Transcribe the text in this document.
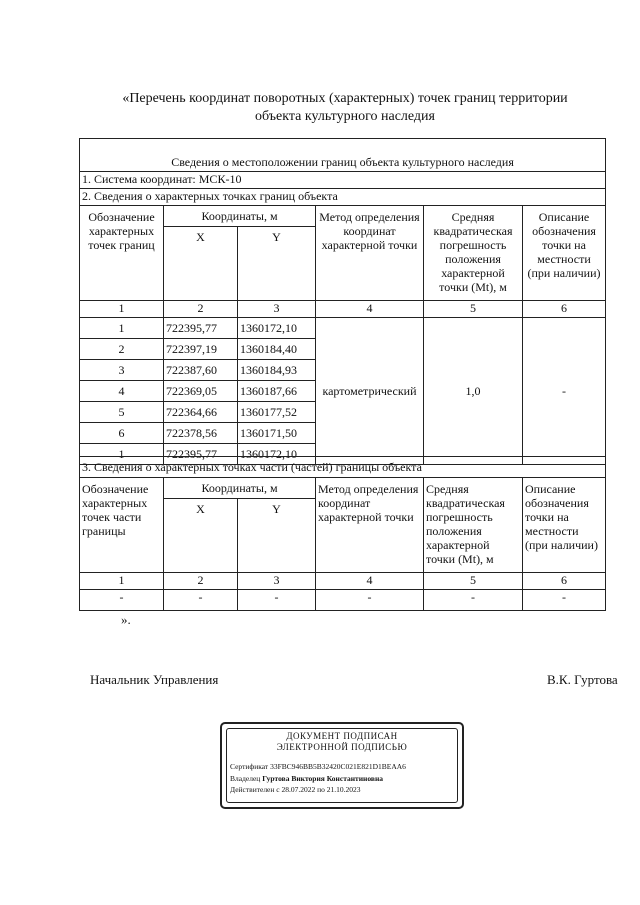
«Перечень координат поворотных (характерных) точек границ территории
объекта культурного наследия

Сведения о местоположении границ объекта культурного наследия					
1. Система координат: МСК-10					
2. Сведения о характерных точках границ объекта					
Обозначение характерных точек границ	Координаты, м		Метод определения координат характерной точки	Средняя квадратическая погрешность положения характерной точки (Mt), м	Описание обозначения точки на местности (при наличии)
	X	Y			
1	2	3	4	5	6
1	722395,77	1360172,10	картометрический	1,0	-
2	722397,19	1360184,40			
3	722387,60	1360184,93			
4	722369,05	1360187,66			
5	722364,66	1360177,52			
6	722378,56	1360171,50			
1	722395,77	1360172,10			
3. Сведения о характерных точках части (частей) границы объекта					
Обозначение характерных точек части границы	Координаты, м		Метод определения координат характерной точки	Средняя квадратическая погрешность положения характерной точки (Mt), м	Описание обозначения точки на местности (при наличии)
	X	Y			
1	2	3	4	5	6
-	-	-	-	-	-
».
Начальник Управления	В.К. Гуртова
ДОКУМЕНТ ПОДПИСАН
ЭЛЕКТРОННОЙ ПОДПИСЬЮ
Сертификат 33FBC946BB5B32420C021E821D1BEAA6
Владелец Гуртова Виктория Константиновна
Действителен с 28.07.2022 по 21.10.2023
